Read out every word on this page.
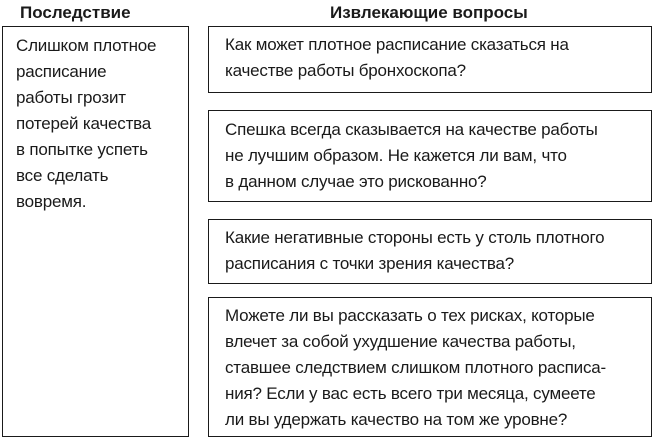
Последствие	Извлекающие вопросы
Слишком плотное
расписание
работы грозит
потерей качества
в попытке успеть
все сделать
вовремя.
Как может плотное расписание сказаться на
качестве работы бронхоскопа?
Спешка всегда сказывается на качестве работы
не лучшим образом. Не кажется ли вам, что
в данном случае это рискованно?
Какие негативные стороны есть у столь плотного
расписания с точки зрения качества?
Можете ли вы рассказать о тех рисках, которые
влечет за собой ухудшение качества работы,
ставшее следствием слишком плотного расписа-
ния? Если у вас есть всего три месяца, сумеете
ли вы удержать качество на том же уровне?
